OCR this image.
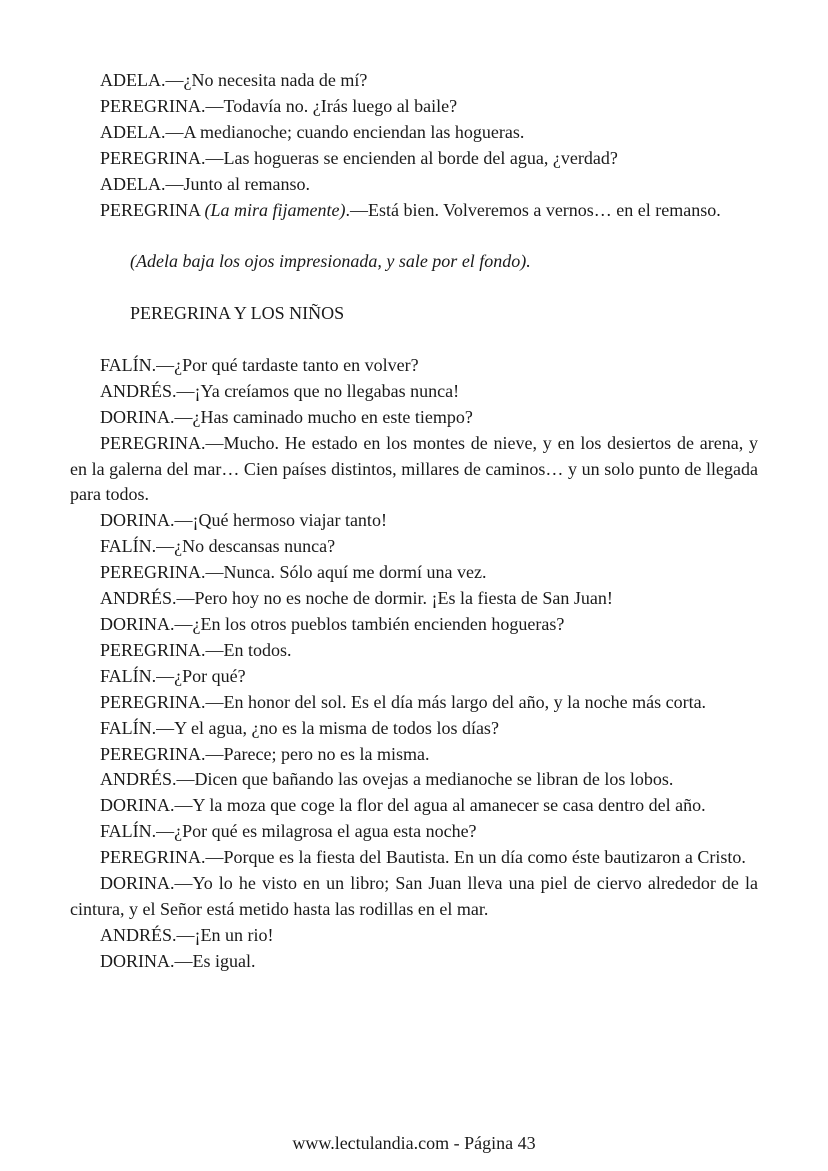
ADELA.—¿No necesita nada de mí?

PEREGRINA.—Todavía no. ¿Irás luego al baile?

ADELA.—A medianoche; cuando enciendan las hogueras.

PEREGRINA.—Las hogueras se encienden al borde del agua, ¿verdad?

ADELA.—Junto al remanso.

PEREGRINA (La mira fijamente).—Está bien. Volveremos a vernos… en el remanso.

(Adela baja los ojos impresionada, y sale por el fondo).

PEREGRINA Y LOS NIÑOS

FALÍN.—¿Por qué tardaste tanto en volver?

ANDRÉS.—¡Ya creíamos que no llegabas nunca!

DORINA.—¿Has caminado mucho en este tiempo?

PEREGRINA.—Mucho. He estado en los montes de nieve, y en los desiertos de arena, y en la galerna del mar… Cien países distintos, millares de caminos… y un solo punto de llegada para todos.

DORINA.—¡Qué hermoso viajar tanto!

FALÍN.—¿No descansas nunca?

PEREGRINA.—Nunca. Sólo aquí me dormí una vez.

ANDRÉS.—Pero hoy no es noche de dormir. ¡Es la fiesta de San Juan!

DORINA.—¿En los otros pueblos también encienden hogueras?

PEREGRINA.—En todos.

FALÍN.—¿Por qué?

PEREGRINA.—En honor del sol. Es el día más largo del año, y la noche más corta.

FALÍN.—Y el agua, ¿no es la misma de todos los días?

PEREGRINA.—Parece; pero no es la misma.

ANDRÉS.—Dicen que bañando las ovejas a medianoche se libran de los lobos.

DORINA.—Y la moza que coge la flor del agua al amanecer se casa dentro del año.

FALÍN.—¿Por qué es milagrosa el agua esta noche?

PEREGRINA.—Porque es la fiesta del Bautista. En un día como éste bautizaron a Cristo.

DORINA.—Yo lo he visto en un libro; San Juan lleva una piel de ciervo alrededor de la cintura, y el Señor está metido hasta las rodillas en el mar.

ANDRÉS.—¡En un rio!

DORINA.—Es igual.

www.lectulandia.com - Página 43
